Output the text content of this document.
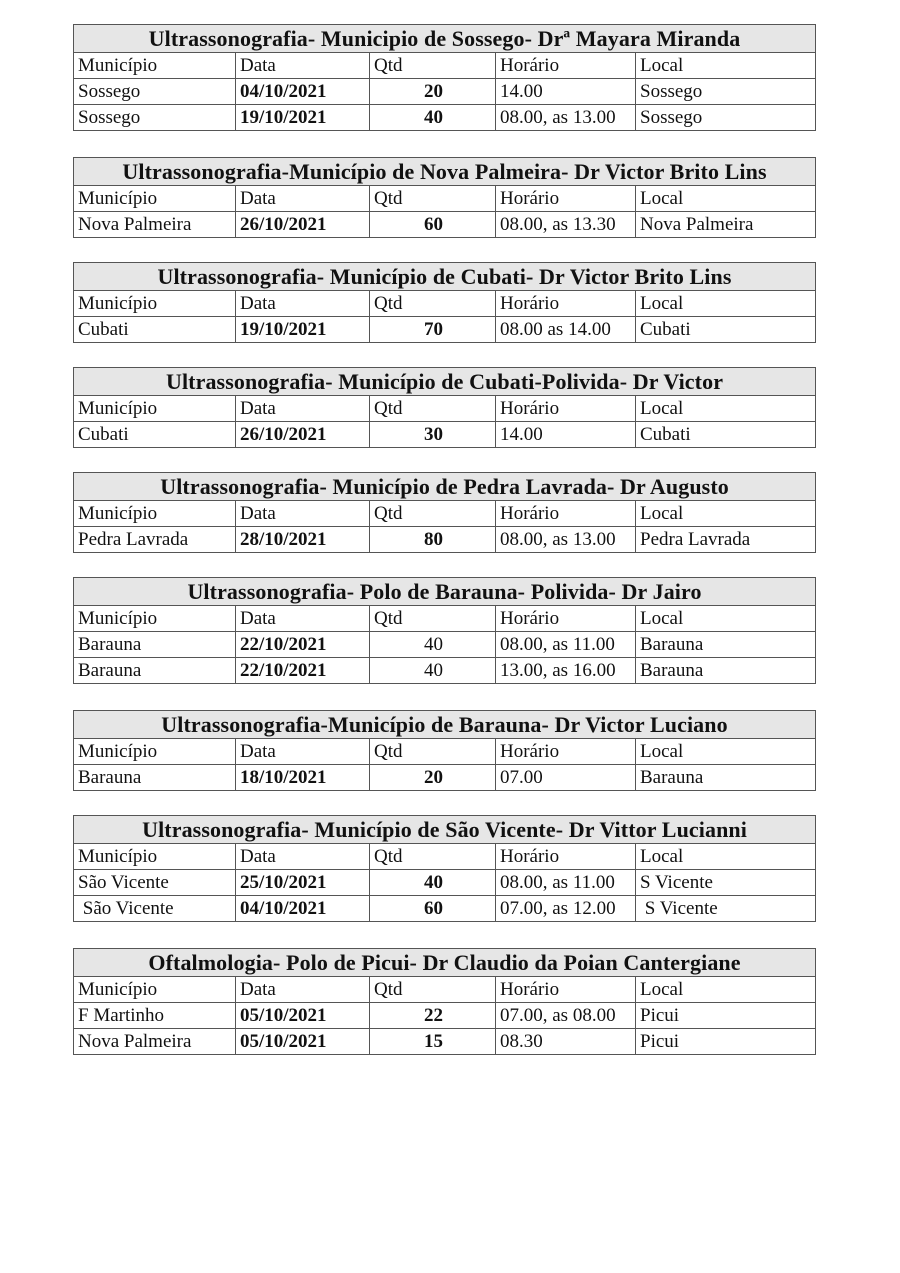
Ultrassonografia- Municipio de Sossego- Drª Mayara Miranda				
Município	Data	Qtd	Horário	Local
Sossego	04/10/2021	20	14.00	Sossego
Sossego	19/10/2021	40	08.00, as 13.00	Sossego
Ultrassonografia-Município de Nova Palmeira- Dr Victor Brito Lins				
Município	Data	Qtd	Horário	Local
Nova Palmeira	26/10/2021	60	08.00, as 13.30	Nova Palmeira
Ultrassonografia- Município de Cubati- Dr Victor Brito Lins				
Município	Data	Qtd	Horário	Local
Cubati	19/10/2021	70	08.00 as 14.00	Cubati
Ultrassonografia- Município de Cubati-Polivida- Dr Victor				
Município	Data	Qtd	Horário	Local
Cubati	26/10/2021	30	14.00	Cubati
Ultrassonografia- Município de Pedra Lavrada- Dr Augusto				
Município	Data	Qtd	Horário	Local
Pedra Lavrada	28/10/2021	80	08.00, as 13.00	Pedra Lavrada
Ultrassonografia- Polo de Barauna- Polivida- Dr Jairo				
Município	Data	Qtd	Horário	Local
Barauna	22/10/2021	40	08.00, as 11.00	Barauna
Barauna	22/10/2021	40	13.00, as 16.00	Barauna
Ultrassonografia-Município de Barauna- Dr Victor Luciano				
Município	Data	Qtd	Horário	Local
Barauna	18/10/2021	20	07.00	Barauna
Ultrassonografia- Município de São Vicente- Dr Vittor Lucianni				
Município	Data	Qtd	Horário	Local
São Vicente	25/10/2021	40	08.00, as 11.00	S Vicente
São Vicente	04/10/2021	60	07.00, as 12.00	S Vicente
Oftalmologia- Polo de Picui- Dr Claudio da Poian Cantergiane				
Município	Data	Qtd	Horário	Local
F Martinho	05/10/2021	22	07.00, as 08.00	Picui
Nova Palmeira	05/10/2021	15	08.30	Picui
